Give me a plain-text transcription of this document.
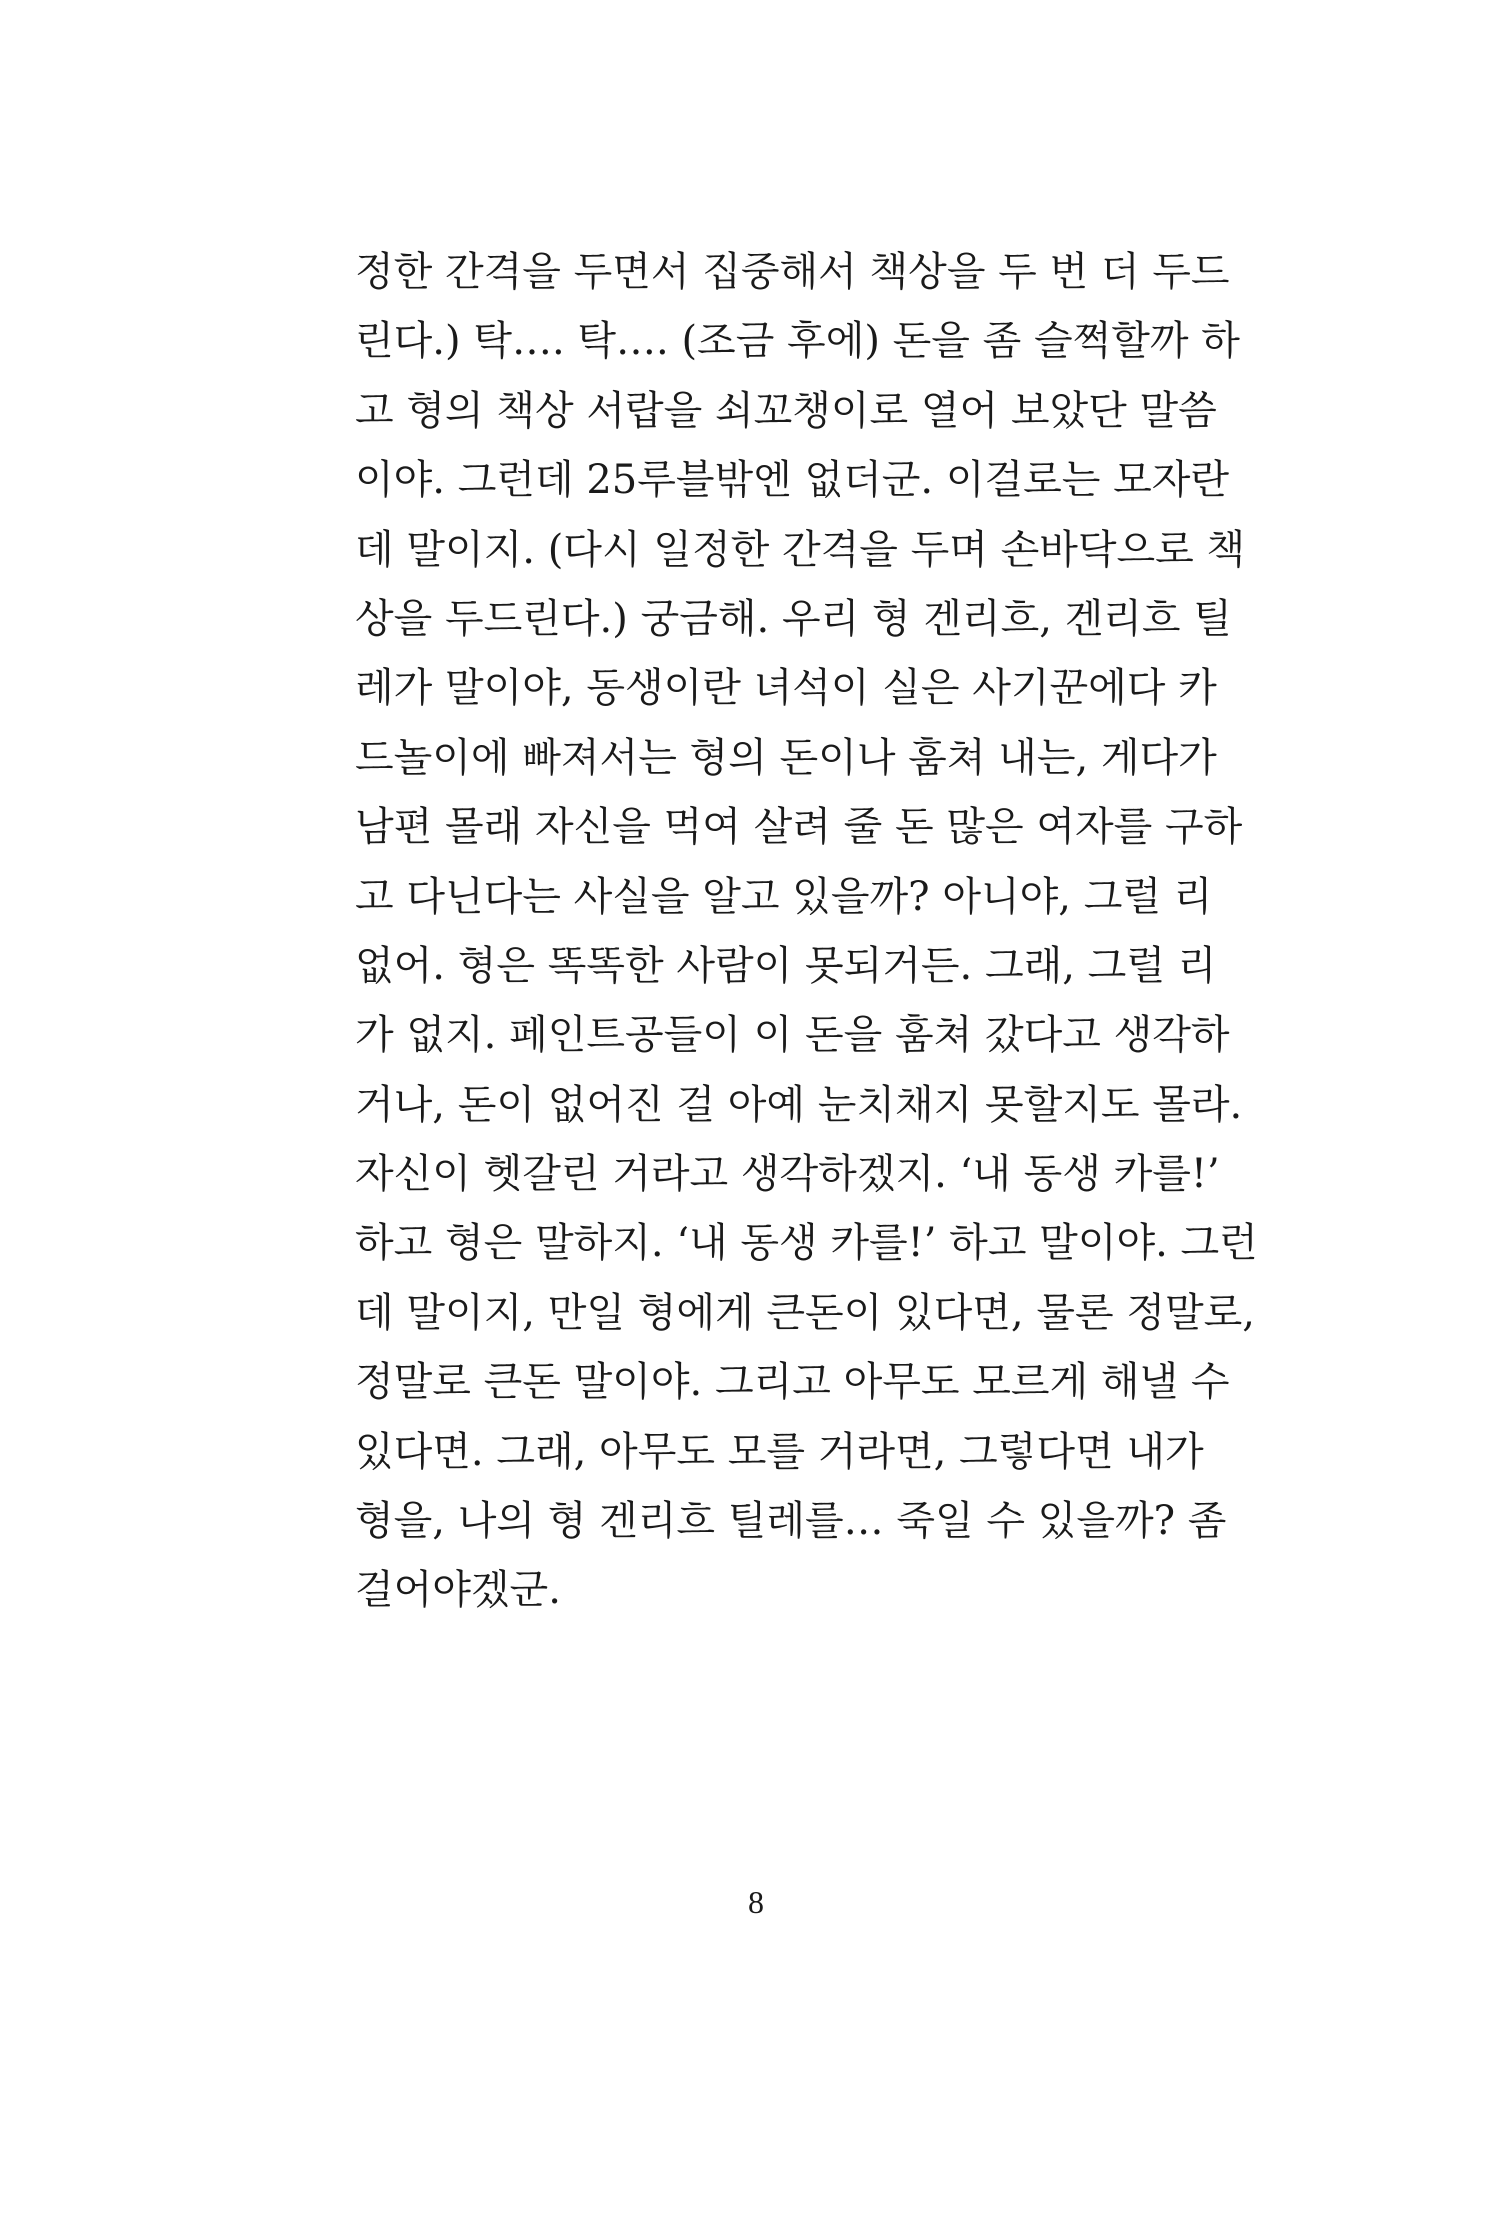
정한 간격을 두면서 집중해서 책상을 두 번 더 두드
린다.) 탁…. 탁…. (조금 후에) 돈을 좀 슬쩍할까 하
고 형의 책상 서랍을 쇠꼬챙이로 열어 보았단 말씀
이야. 그런데 25루블밖엔 없더군. 이걸로는 모자란
데 말이지. (다시 일정한 간격을 두며 손바닥으로 책
상을 두드린다.) 궁금해. 우리 형 겐리흐, 겐리흐 틸
레가 말이야, 동생이란 녀석이 실은 사기꾼에다 카
드놀이에 빠져서는 형의 돈이나 훔쳐 내는, 게다가
남편 몰래 자신을 먹여 살려 줄 돈 많은 여자를 구하
고 다닌다는 사실을 알고 있을까? 아니야, 그럴 리
없어. 형은 똑똑한 사람이 못되거든. 그래, 그럴 리
가 없지. 페인트공들이 이 돈을 훔쳐 갔다고 생각하
거나, 돈이 없어진 걸 아예 눈치채지 못할지도 몰라.
자신이 헷갈린 거라고 생각하겠지. ‘내 동생 카를!’
하고 형은 말하지. ‘내 동생 카를!’ 하고 말이야. 그런
데 말이지, 만일 형에게 큰돈이 있다면, 물론 정말로,
정말로 큰돈 말이야. 그리고 아무도 모르게 해낼 수
있다면. 그래, 아무도 모를 거라면, 그렇다면 내가
형을, 나의 형 겐리흐 틸레를… 죽일 수 있을까? 좀
걸어야겠군.
8
